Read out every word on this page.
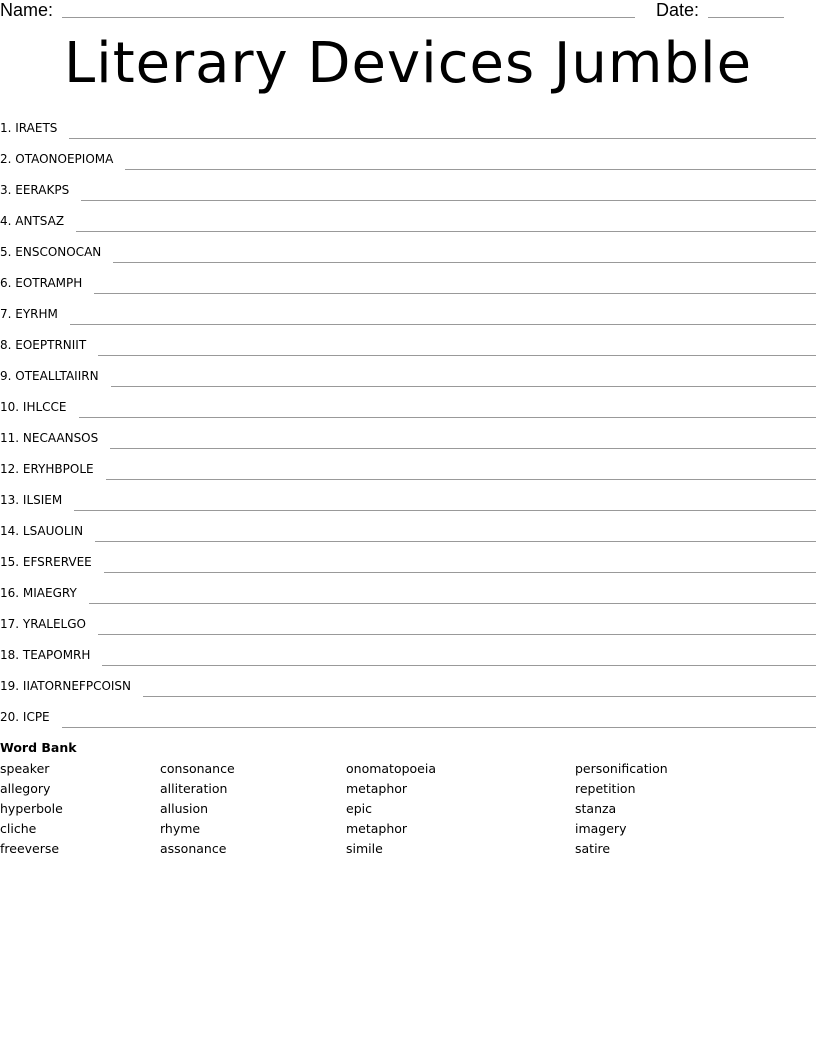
Name:	Date:
Literary Devices Jumble
1. IRAETS
2. OTAONOEPIOMA
3. EERAKPS
4. ANTSAZ
5. ENSCONOCAN
6. EOTRAMPH
7. EYRHM
8. EOEPTRNIIT
9. OTEALLTAIIRN
10. IHLCCE
11. NECAANSOS
12. ERYHBPOLE
13. ILSIEM
14. LSAUOLIN
15. EFSRERVEE
16. MIAEGRY
17. YRALELGO
18. TEAPOMRH
19. IIATORNEFPCOISN
20. ICPE
Word Bank
speaker
allegory
hyperbole
cliche
freeverse
consonance
alliteration
allusion
rhyme
assonance
onomatopoeia
metaphor
epic
metaphor
simile
personification
repetition
stanza
imagery
satire
